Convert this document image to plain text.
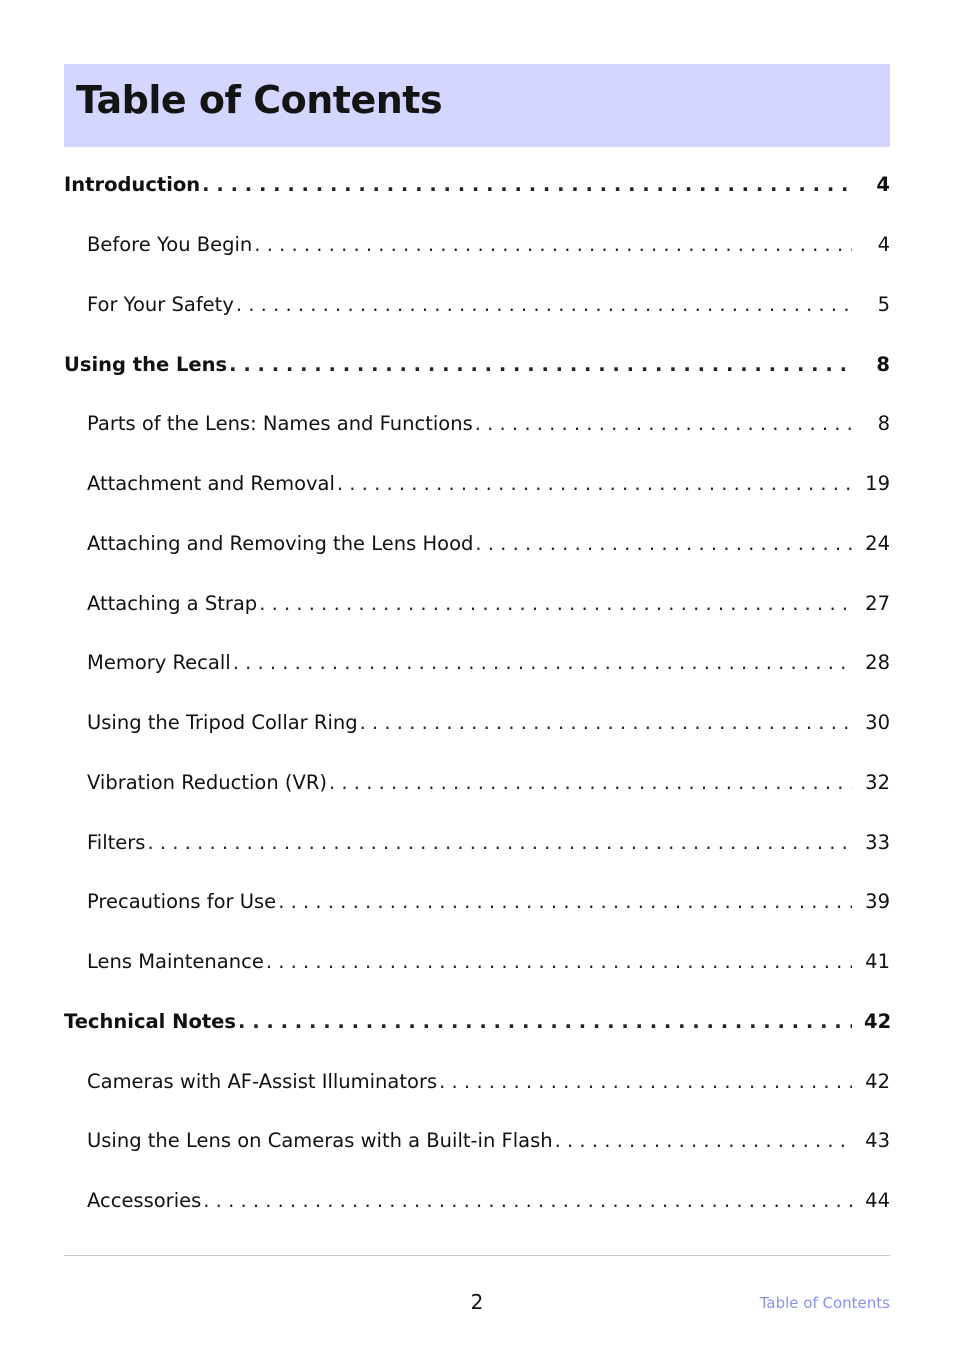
Table of Contents
Introduction . . .	4
Before You Begin . . .	4
For Your Safety . . .	5
Using the Lens . . .	8
Parts of the Lens: Names and Functions . . .	8
Attachment and Removal . . .	19
Attaching and Removing the Lens Hood . . .	24
Attaching a Strap . . .	27
Memory Recall . . .	28
Using the Tripod Collar Ring . . .	30
Vibration Reduction (VR) . . .	32
Filters . . .	33
Precautions for Use . . .	39
Lens Maintenance . . .	41
Technical Notes . . .	42
Cameras with AF-Assist Illuminators . . .	42
Using the Lens on Cameras with a Built-in Flash . . .	43
Accessories . . .	44
2	Table of Contents
